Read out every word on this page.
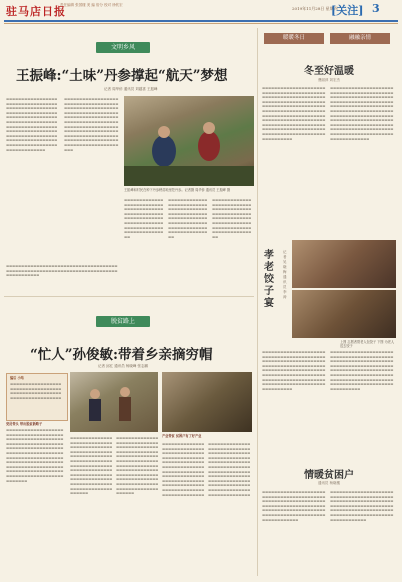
驻马店日报
责任编辑 张国楼 美 编 俗分 校对 徐钦宏
2019年11月28日 星期四
[关注] 3
文明乡风
王振峰:“土味”丹参撑起“航天”梦想
记者 周华侨 通讯员 刘越喜 王振峰
▬▬▬▬▬▬▬▬▬▬▬▬▬▬▬▬▬▬▬▬▬▬▬▬▬▬▬▬▬▬▬▬▬▬▬▬▬▬▬▬▬▬▬▬▬▬▬▬▬▬▬▬▬▬▬▬▬▬▬▬▬▬▬▬▬▬▬▬▬▬▬▬▬▬▬▬▬▬▬▬▬▬▬▬▬▬▬▬▬▬▬▬▬▬▬▬▬▬▬▬▬▬▬▬▬▬▬▬▬▬▬▬▬▬▬▬▬▬▬▬▬▬▬▬▬▬▬▬▬▬▬▬▬▬▬▬▬▬▬▬▬▬▬▬▬▬▬▬▬▬▬▬▬▬▬▬▬▬▬▬▬▬▬▬▬▬▬▬▬▬▬▬▬▬▬▬▬▬▬▬▬▬▬▬▬▬▬▬▬▬▬▬▬▬▬▬▬▬▬▬
▬▬▬▬▬▬▬▬▬▬▬▬▬▬▬▬▬▬▬▬▬▬▬▬▬▬▬▬▬▬▬▬▬▬▬▬▬▬▬▬▬▬▬▬▬▬▬▬▬▬▬▬▬▬▬▬▬▬▬▬▬▬▬▬▬▬▬▬▬▬▬▬▬▬▬▬▬▬▬▬▬▬▬▬▬▬▬▬▬▬▬▬▬▬▬▬▬▬▬▬▬▬▬▬▬▬▬▬▬▬▬▬▬▬▬▬▬▬▬▬▬▬▬▬▬▬▬▬▬▬▬▬▬▬▬▬▬▬▬▬▬▬▬▬▬▬▬▬▬▬▬▬▬▬▬▬▬▬▬▬▬▬▬▬▬▬▬▬▬▬▬▬▬▬▬▬▬▬▬▬▬▬▬▬▬▬▬▬▬▬▬▬▬▬▬▬▬▬▬▬▬
王振峰和村民在种下丹参秧苗地里挖丹参。记者摄 周华侨 通讯员 王振峰 摄
▬▬▬▬▬▬▬▬▬▬▬▬▬▬▬▬▬▬▬▬▬▬▬▬▬▬▬▬▬▬▬▬▬▬▬▬▬▬▬▬▬▬▬▬▬▬▬▬▬▬▬▬▬▬▬▬▬▬▬▬▬▬▬▬▬▬▬▬▬▬▬▬▬▬▬▬▬▬▬▬▬▬▬▬▬▬▬▬▬▬▬▬▬▬▬▬▬▬▬▬▬▬▬▬▬▬
▬▬▬▬▬▬▬▬▬▬▬▬▬▬▬▬▬▬▬▬▬▬▬▬▬▬▬▬▬▬▬▬▬▬▬▬▬▬▬▬▬▬▬▬▬▬▬▬▬▬▬▬▬▬▬▬▬▬▬▬▬▬▬▬▬▬▬▬▬▬▬▬▬▬▬▬▬▬▬▬▬▬▬▬▬▬▬▬▬▬▬▬▬▬▬▬▬▬▬▬▬▬▬▬▬▬
▬▬▬▬▬▬▬▬▬▬▬▬▬▬▬▬▬▬▬▬▬▬▬▬▬▬▬▬▬▬▬▬▬▬▬▬▬▬▬▬▬▬▬▬▬▬▬▬▬▬▬▬▬▬▬▬▬▬▬▬▬▬▬▬▬▬▬▬▬▬▬▬▬▬▬▬▬▬▬▬▬▬▬▬▬▬▬▬▬▬▬▬▬▬▬▬▬▬▬▬▬▬▬▬▬▬
▬▬▬▬▬▬▬▬▬▬▬▬▬▬▬▬▬▬▬▬▬▬▬▬▬▬▬▬▬▬▬▬▬▬▬▬▬▬▬▬▬▬▬▬▬▬▬▬▬▬▬▬▬▬▬▬▬▬▬▬▬▬▬▬▬▬▬▬▬▬▬▬▬▬▬▬▬▬▬▬▬▬▬▬▬
脱贫路上
“忙人”孙俊敏:带着乡亲摘穷帽
记者 邱红 通讯员 杨晓峰 张志鹏
编后 小结
▬▬▬▬▬▬▬▬▬▬▬▬▬▬▬▬▬▬▬▬▬▬▬▬▬▬▬▬▬▬▬▬▬▬▬▬▬▬▬▬▬▬▬▬▬▬▬▬▬▬▬▬▬▬▬▬▬▬▬▬▬▬▬▬▬▬▬▬
党员带头 带出脱贫新路子
▬▬▬▬▬▬▬▬▬▬▬▬▬▬▬▬▬▬▬▬▬▬▬▬▬▬▬▬▬▬▬▬▬▬▬▬▬▬▬▬▬▬▬▬▬▬▬▬▬▬▬▬▬▬▬▬▬▬▬▬▬▬▬▬▬▬▬▬▬▬▬▬▬▬▬▬▬▬▬▬▬▬▬▬▬▬▬▬▬▬▬▬▬▬▬▬▬▬▬▬▬▬▬▬▬▬▬▬▬▬▬▬▬▬▬▬▬▬▬▬▬▬▬▬▬▬▬▬▬▬▬▬▬▬▬▬▬▬▬▬▬▬▬▬▬▬▬▬▬▬▬▬▬▬▬▬▬▬▬▬▬▬▬▬▬▬▬▬▬▬▬▬▬▬▬▬▬▬▬▬▬▬▬▬▬▬▬▬▬▬▬▬▬▬▬▬▬▬▬▬▬▬▬▬▬▬▬▬▬▬▬▬▬▬▬▬
▬▬▬▬▬▬▬▬▬▬▬▬▬▬▬▬▬▬▬▬▬▬▬▬▬▬▬▬▬▬▬▬▬▬▬▬▬▬▬▬▬▬▬▬▬▬▬▬▬▬▬▬▬▬▬▬▬▬▬▬▬▬▬▬▬▬▬▬▬▬▬▬▬▬▬▬▬▬▬▬▬▬▬▬▬▬▬▬▬▬▬▬▬▬▬▬▬▬▬▬▬▬▬▬▬▬▬▬▬▬▬▬▬▬▬▬▬▬▬▬▬▬▬▬▬▬▬▬▬▬▬▬▬▬▬▬▬▬▬▬▬▬▬▬▬▬▬▬▬▬▬▬▬▬▬▬▬▬▬▬▬▬▬▬▬▬▬▬▬▬▬▬▬▬
▬▬▬▬▬▬▬▬▬▬▬▬▬▬▬▬▬▬▬▬▬▬▬▬▬▬▬▬▬▬▬▬▬▬▬▬▬▬▬▬▬▬▬▬▬▬▬▬▬▬▬▬▬▬▬▬▬▬▬▬▬▬▬▬▬▬▬▬▬▬▬▬▬▬▬▬▬▬▬▬▬▬▬▬▬▬▬▬▬▬▬▬▬▬▬▬▬▬▬▬▬▬▬▬▬▬▬▬▬▬▬▬▬▬▬▬▬▬▬▬▬▬▬▬▬▬▬▬▬▬▬▬▬▬▬▬▬▬▬▬▬▬▬▬▬▬▬▬▬▬▬▬▬▬▬▬▬▬▬▬▬▬▬▬▬▬▬▬▬▬▬▬▬▬
产业带贫 贫困户有了好产业
▬▬▬▬▬▬▬▬▬▬▬▬▬▬▬▬▬▬▬▬▬▬▬▬▬▬▬▬▬▬▬▬▬▬▬▬▬▬▬▬▬▬▬▬▬▬▬▬▬▬▬▬▬▬▬▬▬▬▬▬▬▬▬▬▬▬▬▬▬▬▬▬▬▬▬▬▬▬▬▬▬▬▬▬▬▬▬▬▬▬▬▬▬▬▬▬▬▬▬▬▬▬▬▬▬▬▬▬▬▬▬▬▬▬▬▬▬▬▬▬▬▬▬▬▬▬▬▬▬▬▬▬▬▬▬▬▬▬▬▬▬▬▬▬▬▬▬▬▬▬▬▬▬▬▬▬▬▬▬▬▬▬▬▬▬▬▬▬
▬▬▬▬▬▬▬▬▬▬▬▬▬▬▬▬▬▬▬▬▬▬▬▬▬▬▬▬▬▬▬▬▬▬▬▬▬▬▬▬▬▬▬▬▬▬▬▬▬▬▬▬▬▬▬▬▬▬▬▬▬▬▬▬▬▬▬▬▬▬▬▬▬▬▬▬▬▬▬▬▬▬▬▬▬▬▬▬▬▬▬▬▬▬▬▬▬▬▬▬▬▬▬▬▬▬▬▬▬▬▬▬▬▬▬▬▬▬▬▬▬▬▬▬▬▬▬▬▬▬▬▬▬▬▬▬▬▬▬▬▬▬▬▬▬▬▬▬▬▬▬▬▬▬▬▬▬▬▬▬▬▬▬▬▬▬▬▬
暖暖冬日	融融亲情
冬至好温暖
曹丽萍 刘宏杰
▬▬▬▬▬▬▬▬▬▬▬▬▬▬▬▬▬▬▬▬▬▬▬▬▬▬▬▬▬▬▬▬▬▬▬▬▬▬▬▬▬▬▬▬▬▬▬▬▬▬▬▬▬▬▬▬▬▬▬▬▬▬▬▬▬▬▬▬▬▬▬▬▬▬▬▬▬▬▬▬▬▬▬▬▬▬▬▬▬▬▬▬▬▬▬▬▬▬▬▬▬▬▬▬▬▬▬▬▬▬▬▬▬▬▬▬▬▬▬▬▬▬▬▬▬▬▬▬▬▬▬▬▬▬▬▬▬▬▬▬▬▬▬▬▬▬▬▬▬▬▬▬▬▬▬▬▬▬▬▬▬▬▬▬▬▬▬▬▬▬▬▬▬▬▬▬▬▬▬▬▬▬▬▬▬▬▬▬▬▬▬▬▬▬▬▬▬▬▬▬▬▬▬▬▬▬▬▬▬▬▬▬▬▬▬▬▬▬▬▬▬▬▬▬▬▬▬▬▬▬▬▬▬▬▬▬▬▬▬▬▬
▬▬▬▬▬▬▬▬▬▬▬▬▬▬▬▬▬▬▬▬▬▬▬▬▬▬▬▬▬▬▬▬▬▬▬▬▬▬▬▬▬▬▬▬▬▬▬▬▬▬▬▬▬▬▬▬▬▬▬▬▬▬▬▬▬▬▬▬▬▬▬▬▬▬▬▬▬▬▬▬▬▬▬▬▬▬▬▬▬▬▬▬▬▬▬▬▬▬▬▬▬▬▬▬▬▬▬▬▬▬▬▬▬▬▬▬▬▬▬▬▬▬▬▬▬▬▬▬▬▬▬▬▬▬▬▬▬▬▬▬▬▬▬▬▬▬▬▬▬▬▬▬▬▬▬▬▬▬▬▬▬▬▬▬▬▬▬▬▬▬▬▬▬▬▬▬▬▬▬▬▬▬▬▬▬▬▬▬▬▬▬▬▬▬▬▬▬▬▬▬▬▬▬▬▬▬▬▬▬▬▬▬▬▬▬▬▬▬▬▬▬▬▬▬▬▬▬▬▬▬▬▬▬▬▬▬▬▬▬▬▬▬▬▬
孝老饺子宴
记者 吴晓梅 通讯员 李涛
上图 志愿者帮老人包饺子 下图 为老人送去饺子
▬▬▬▬▬▬▬▬▬▬▬▬▬▬▬▬▬▬▬▬▬▬▬▬▬▬▬▬▬▬▬▬▬▬▬▬▬▬▬▬▬▬▬▬▬▬▬▬▬▬▬▬▬▬▬▬▬▬▬▬▬▬▬▬▬▬▬▬▬▬▬▬▬▬▬▬▬▬▬▬▬▬▬▬▬▬▬▬▬▬▬▬▬▬▬▬▬▬▬▬▬▬▬▬▬▬▬▬▬▬▬▬▬▬▬▬▬▬▬▬▬▬▬▬▬▬▬▬▬▬▬▬▬▬▬▬▬▬▬▬▬▬▬▬▬▬▬▬▬▬▬▬▬▬▬▬▬▬▬▬▬▬▬▬▬▬▬▬▬▬▬▬▬▬▬▬▬▬
▬▬▬▬▬▬▬▬▬▬▬▬▬▬▬▬▬▬▬▬▬▬▬▬▬▬▬▬▬▬▬▬▬▬▬▬▬▬▬▬▬▬▬▬▬▬▬▬▬▬▬▬▬▬▬▬▬▬▬▬▬▬▬▬▬▬▬▬▬▬▬▬▬▬▬▬▬▬▬▬▬▬▬▬▬▬▬▬▬▬▬▬▬▬▬▬▬▬▬▬▬▬▬▬▬▬▬▬▬▬▬▬▬▬▬▬▬▬▬▬▬▬▬▬▬▬▬▬▬▬▬▬▬▬▬▬▬▬▬▬▬▬▬▬▬▬▬▬▬▬▬▬▬▬▬▬▬▬▬▬▬▬▬▬▬▬▬▬▬▬▬▬▬▬▬▬▬▬
情暖贫困户
通讯员 杨晓楼
▬▬▬▬▬▬▬▬▬▬▬▬▬▬▬▬▬▬▬▬▬▬▬▬▬▬▬▬▬▬▬▬▬▬▬▬▬▬▬▬▬▬▬▬▬▬▬▬▬▬▬▬▬▬▬▬▬▬▬▬▬▬▬▬▬▬▬▬▬▬▬▬▬▬▬▬▬▬▬▬▬▬▬▬▬▬▬▬▬▬▬▬▬▬▬▬▬▬▬▬▬▬▬▬▬▬▬▬▬▬▬▬▬▬▬▬▬▬▬▬▬▬▬▬▬▬▬▬▬▬▬▬▬▬▬▬▬▬
▬▬▬▬▬▬▬▬▬▬▬▬▬▬▬▬▬▬▬▬▬▬▬▬▬▬▬▬▬▬▬▬▬▬▬▬▬▬▬▬▬▬▬▬▬▬▬▬▬▬▬▬▬▬▬▬▬▬▬▬▬▬▬▬▬▬▬▬▬▬▬▬▬▬▬▬▬▬▬▬▬▬▬▬▬▬▬▬▬▬▬▬▬▬▬▬▬▬▬▬▬▬▬▬▬▬▬▬▬▬▬▬▬▬▬▬▬▬▬▬▬▬▬▬▬▬▬▬▬▬▬▬▬▬▬▬▬▬
